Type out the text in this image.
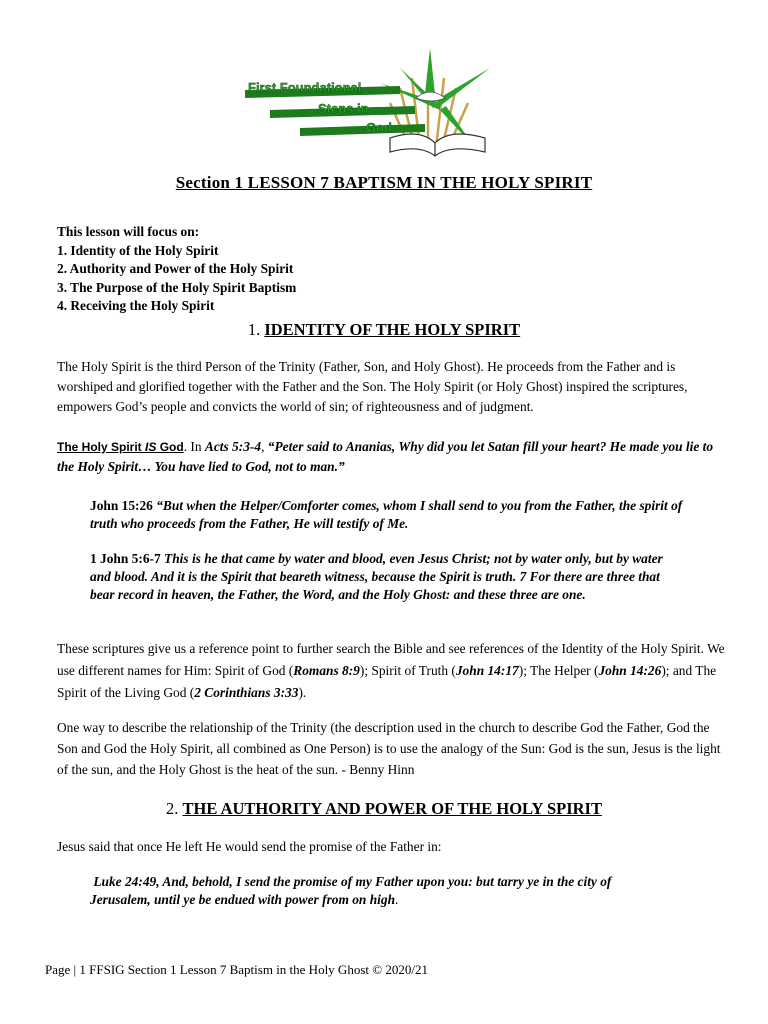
First Foundational
Steps in
God
Section 1 LESSON 7 BAPTISM IN THE HOLY SPIRIT
This lesson will focus on:
1. Identity of the Holy Spirit
2. Authority and Power of the Holy Spirit
3. The Purpose of the Holy Spirit Baptism
4. Receiving the Holy Spirit
1. IDENTITY OF THE HOLY SPIRIT
The Holy Spirit is the third Person of the Trinity (Father, Son, and Holy Ghost). He proceeds from the Father and is worshiped and glorified together with the Father and the Son. The Holy Spirit (or Holy Ghost) inspired the scriptures, empowers God’s people and convicts the world of sin; of righteousness and of judgment.
The Holy Spirit IS God. In Acts 5:3-4, “Peter said to Ananias, Why did you let Satan fill your heart? He made you lie to the Holy Spirit… You have lied to God, not to man.”
John 15:26 “But when the Helper/Comforter comes, whom I shall send to you from the Father, the spirit of truth who proceeds from the Father, He will testify of Me.
1 John 5:6-7 This is he that came by water and blood, even Jesus Christ; not by water only, but by water and blood. And it is the Spirit that beareth witness, because the Spirit is truth. 7 For there are three that bear record in heaven, the Father, the Word, and the Holy Ghost: and these three are one.
These scriptures give us a reference point to further search the Bible and see references of the Identity of the Holy Spirit. We use different names for Him: Spirit of God (Romans 8:9); Spirit of Truth (John 14:17); The Helper (John 14:26); and The Spirit of the Living God (2 Corinthians 3:33).
One way to describe the relationship of the Trinity (the description used in the church to describe God the Father, God the Son and God the Holy Spirit, all combined as One Person) is to use the analogy of the Sun: God is the sun, Jesus is the light of the sun, and the Holy Ghost is the heat of the sun. - Benny Hinn
2. THE AUTHORITY AND POWER OF THE HOLY SPIRIT
Jesus said that once He left He would send the promise of the Father in:
Luke 24:49, And, behold, I send the promise of my Father upon you: but tarry ye in the city of Jerusalem, until ye be endued with power from on high.
Page | 1 FFSIG Section 1 Lesson 7 Baptism in the Holy Ghost © 2020/21
